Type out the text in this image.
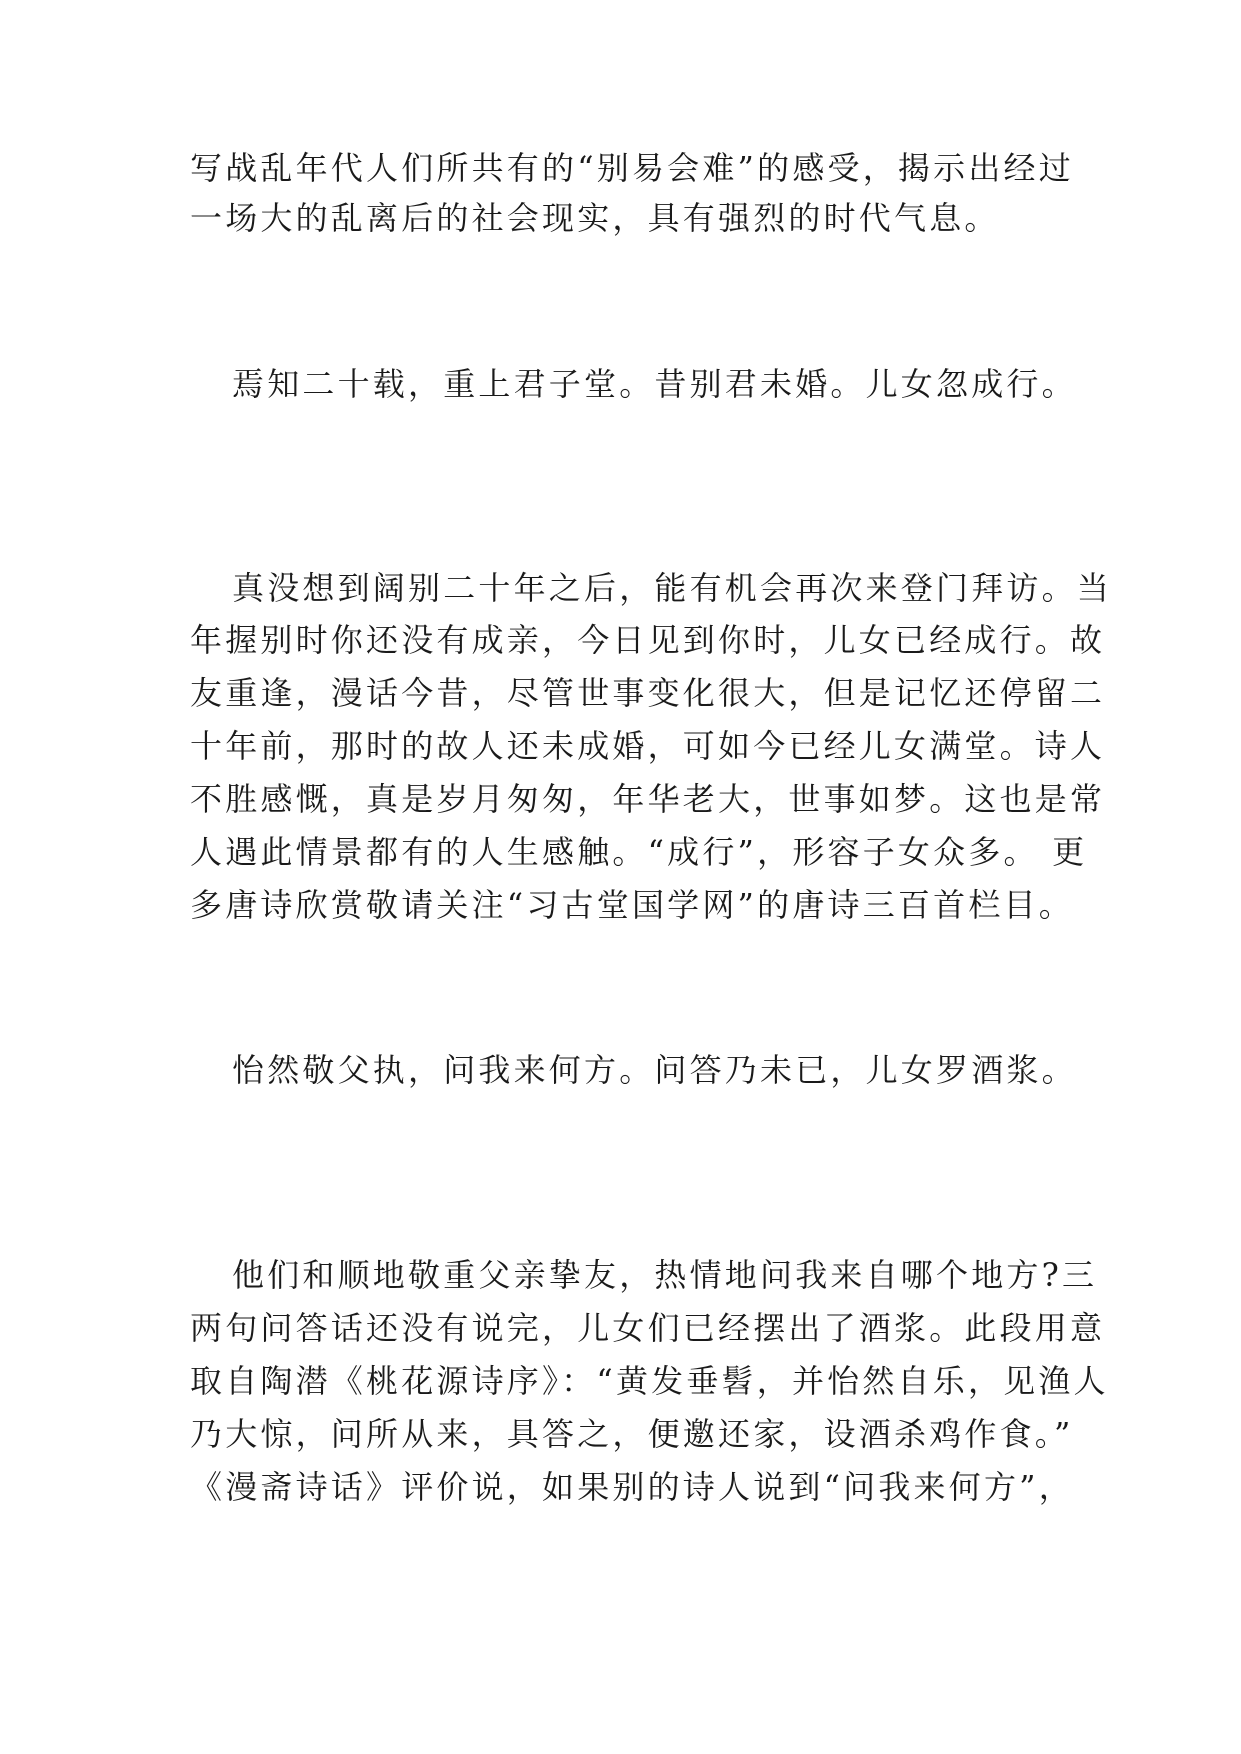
写战乱年代人们所共有的“别易会难”的感受，揭示出经过
一场大的乱离后的社会现实，具有强烈的时代气息。
焉知二十载，重上君子堂。昔别君未婚。儿女忽成行。
真没想到阔别二十年之后，能有机会再次来登门拜访。当
年握别时你还没有成亲，今日见到你时，儿女已经成行。故
友重逢，漫话今昔，尽管世事变化很大，但是记忆还停留二
十年前，那时的故人还未成婚，可如今已经儿女满堂。诗人
不胜感慨，真是岁月匆匆，年华老大，世事如梦。这也是常
人遇此情景都有的人生感触。“成行”，形容子女众多。 更
多唐诗欣赏敬请关注“习古堂国学网”的唐诗三百首栏目。
怡然敬父执，问我来何方。问答乃未已，儿女罗酒浆。
他们和顺地敬重父亲挚友，热情地问我来自哪个地方?三
两句问答话还没有说完，儿女们已经摆出了酒浆。此段用意
取自陶潜《桃花源诗序》：“黄发垂髫，并怡然自乐，见渔人
乃大惊，问所从来，具答之，便邀还家，设酒杀鸡作食。”
《漫斋诗话》评价说，如果别的诗人说到“问我来何方”，
